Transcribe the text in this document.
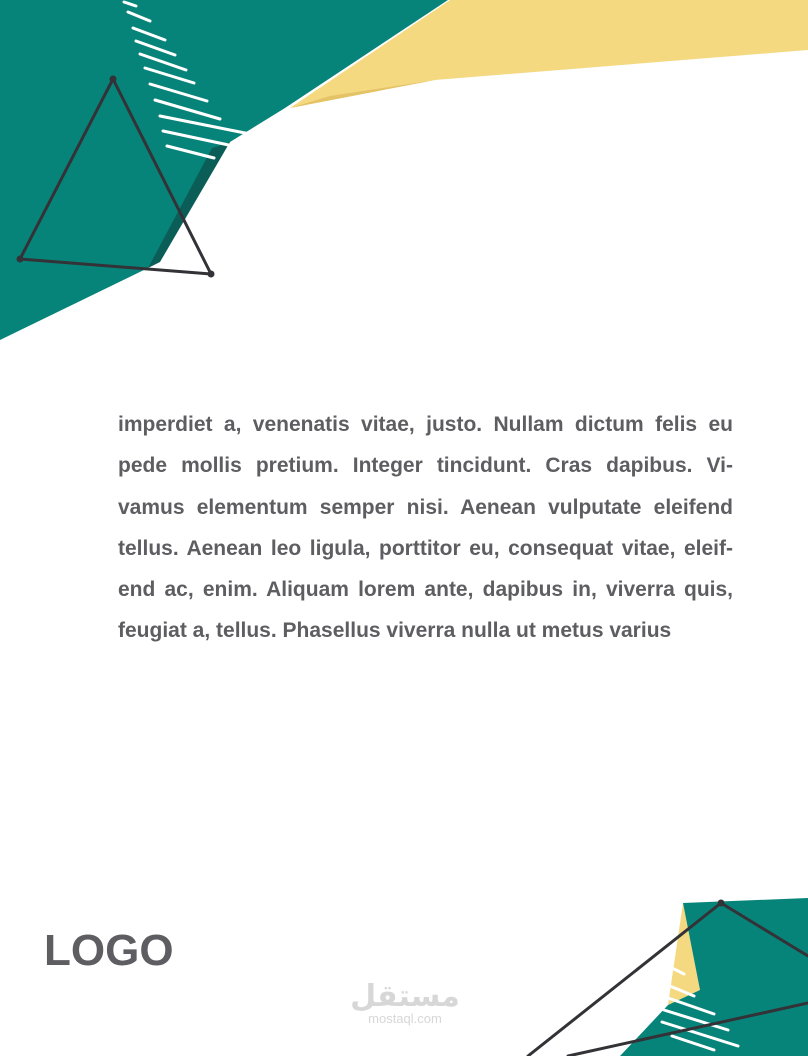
imperdiet a, venenatis vitae, justo. Nullam dictum felis eu pede mollis pretium. Integer tincidunt. Cras dapibus. Vivamus elementum semper nisi. Aenean vulputate eleifend tellus. Aenean leo ligula, porttitor eu, consequat vitae, eleifend ac, enim. Aliquam lorem ante, dapibus in, viverra quis, feugiat a, tellus. Phasellus viverra nulla ut metus varius

LOGO
مستقل
mostaql.com
